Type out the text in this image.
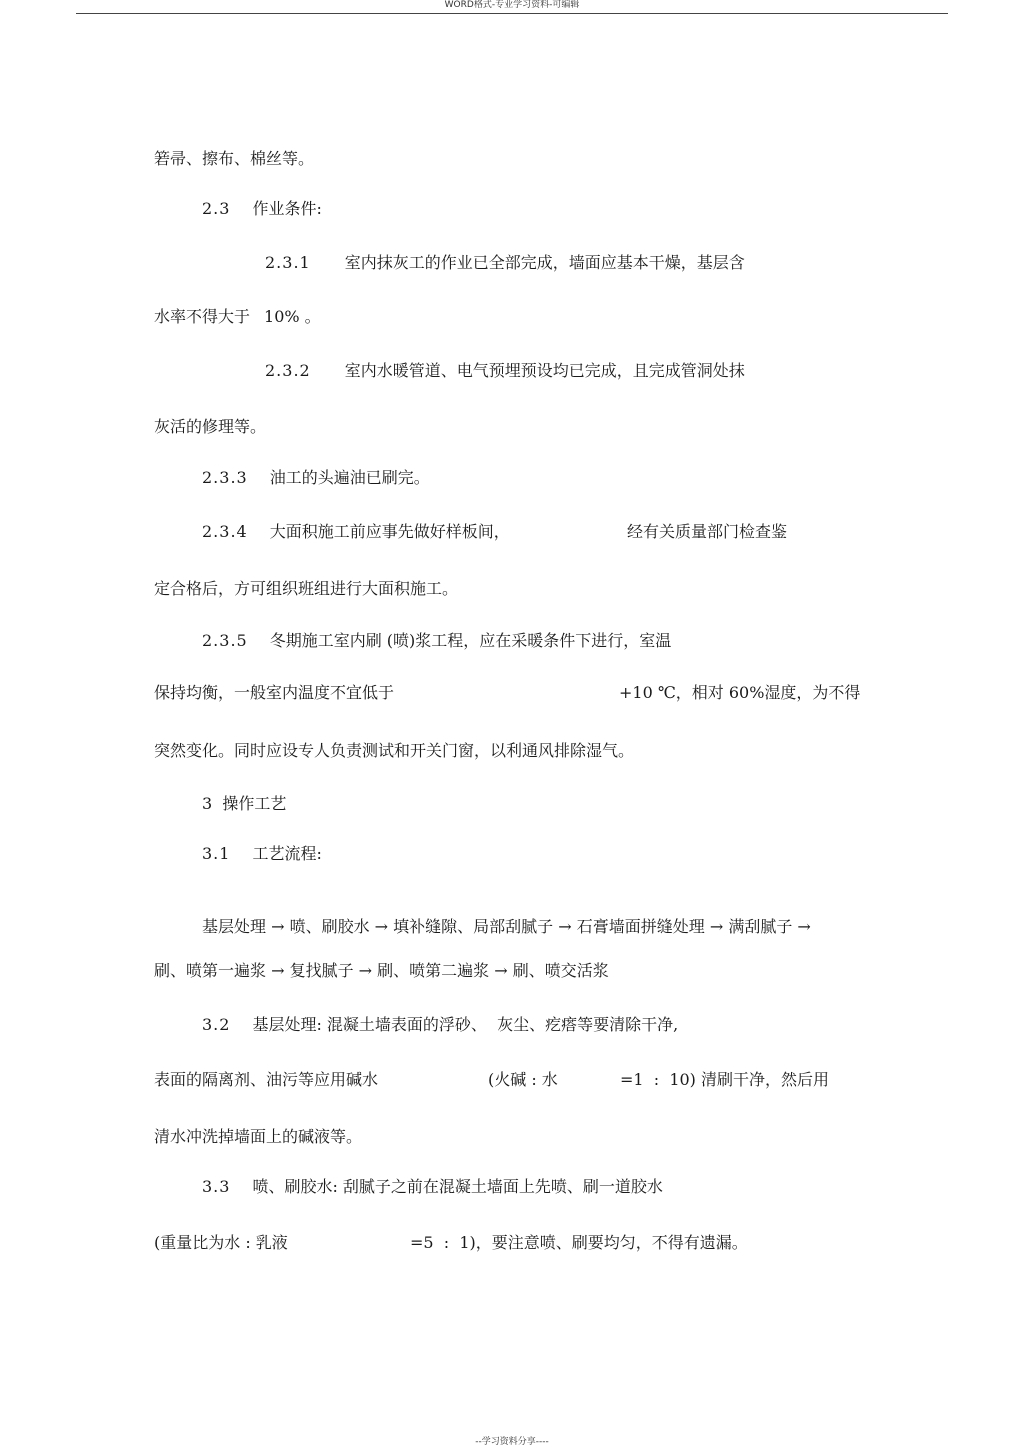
WORD格式-专业学习资料-可编辑
箬帚、擦布、棉丝等。
2.3 作业条件:
2.3.1 室内抹灰工的作业已全部完成，墙面应基本干燥，基层含
水率不得大于 10% 。
2.3.2 室内水暖管道、电气预埋预设均已完成，且完成管洞处抹
灰活的修理等。
2.3.3 油工的头遍油已刷完。
2.3.4 大面积施工前应事先做好样板间，	经有关质量部门检查鉴
定合格后，方可组织班组进行大面积施工。
2.3.5 冬期施工室内刷 (喷)浆工程，应在采暖条件下进行，室温
保持均衡，一般室内温度不宜低于	+10 ℃，相对 60%湿度，为不得
突然变化。同时应设专人负责测试和开关门窗，以利通风排除湿气。
3  操作工艺
3.1 工艺流程:
基层处理 → 喷、刷胶水 → 填补缝隙、局部刮腻子 → 石膏墙面拼缝处理 → 满刮腻子 →
刷、喷第一遍浆 → 复找腻子 → 刷、喷第二遍浆 → 刷、喷交活浆
3.2 基层处理: 混凝土墙表面的浮砂、  灰尘、疙瘩等要清除干净,
表面的隔离剂、油污等应用碱水	(火碱 : 水	=1  :  10) 清刷干净，然后用
清水冲洗掉墙面上的碱液等。
3.3 喷、刷胶水: 刮腻子之前在混凝土墙面上先喷、刷一道胶水
(重量比为水 : 乳液	=5  :  1)，要注意喷、刷要均匀，不得有遗漏。
--学习资料分享----
